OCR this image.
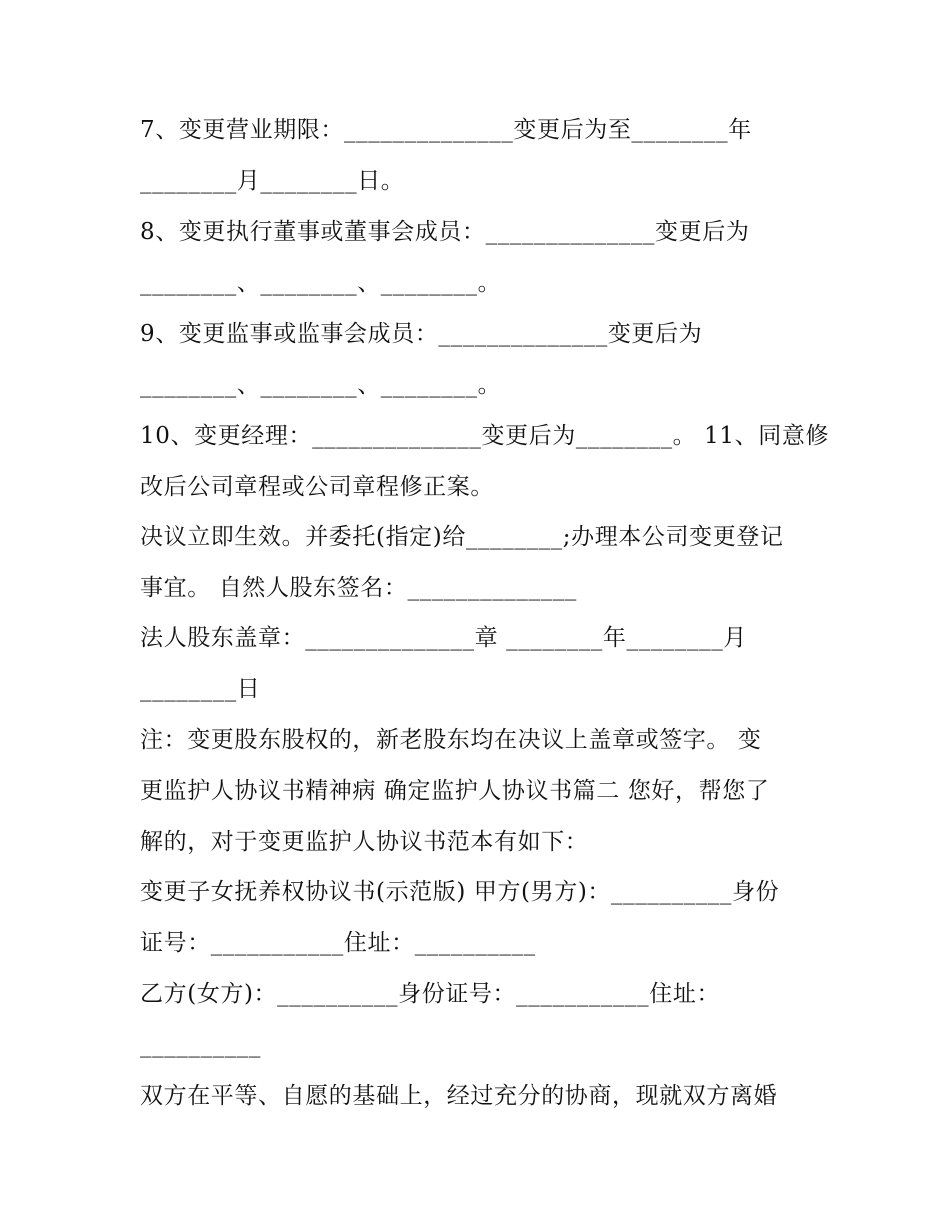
7、变更营业期限：______________变更后为至________年
________月________日。
8、变更执行董事或董事会成员：______________变更后为
________、________、________。
9、变更监事或监事会成员：______________变更后为
________、________、________。
10、变更经理：______________变更后为________。 11、同意修
改后公司章程或公司章程修正案。
决议立即生效。并委托(指定)给________;办理本公司变更登记
事宜。 自然人股东签名：______________
法人股东盖章：______________章 ________年________月
________日
注：变更股东股权的，新老股东均在决议上盖章或签字。 变
更监护人协议书精神病 确定监护人协议书篇二 您好，帮您了
解的，对于变更监护人协议书范本有如下：
变更子女抚养权协议书(示范版) 甲方(男方)：__________身份
证号：___________住址：__________
乙方(女方)：__________身份证号：___________住址：
__________
双方在平等、自愿的基础上，经过充分的协商，现就双方离婚
